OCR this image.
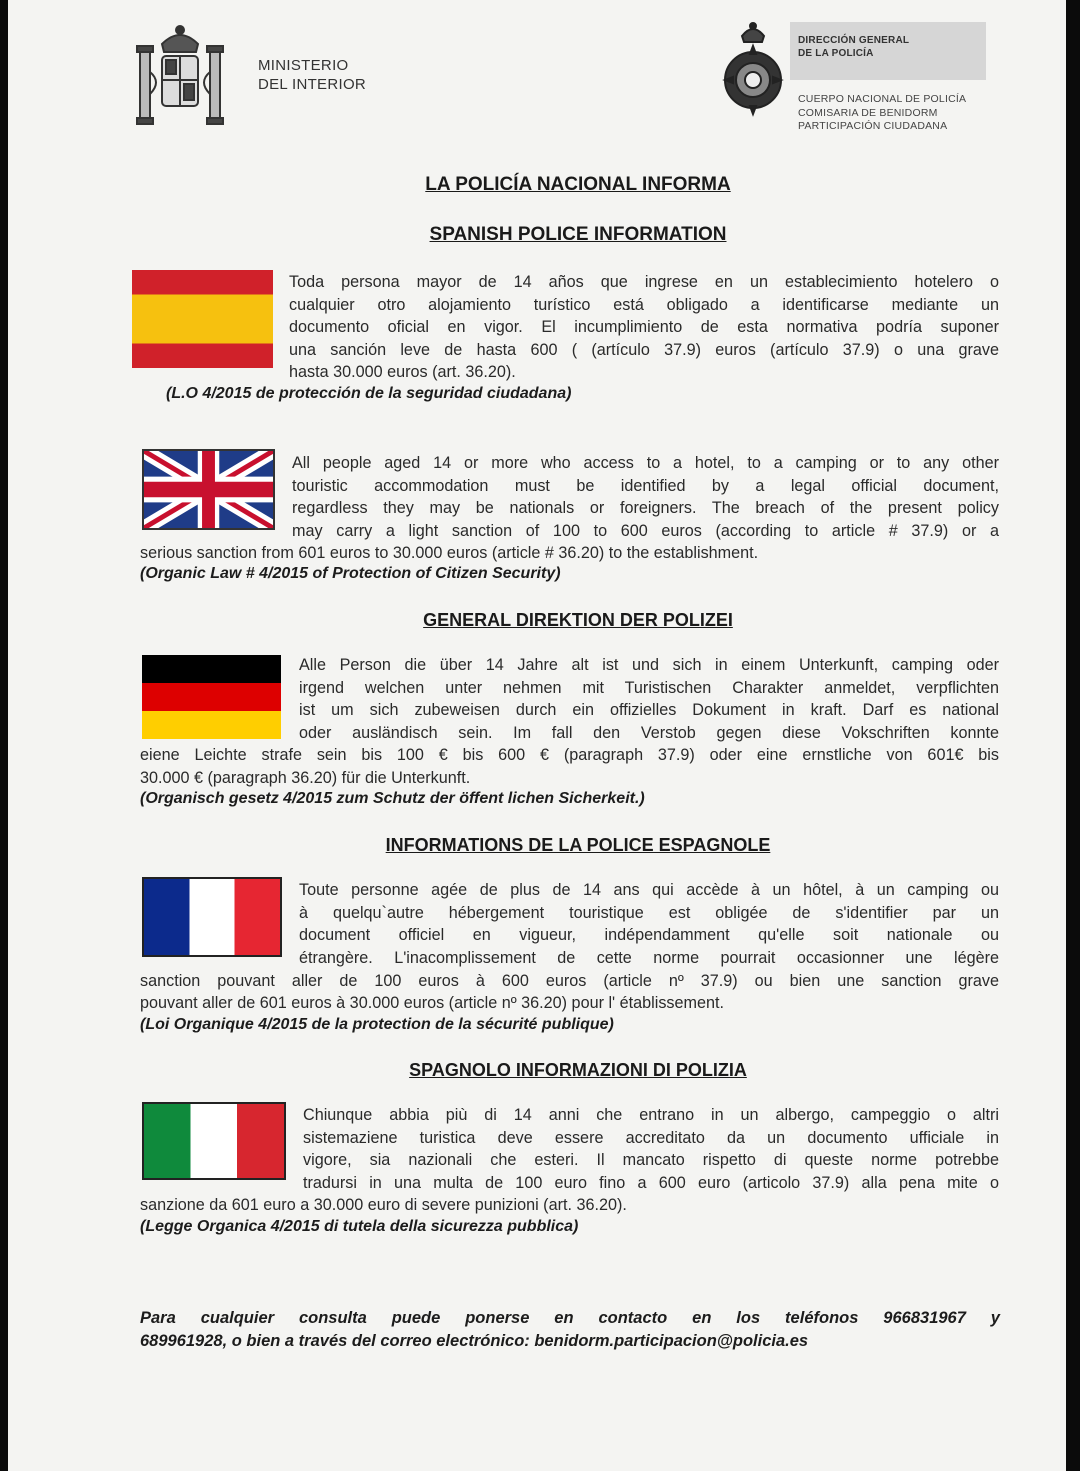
MINISTERIO
DEL INTERIOR
DIRECCIÓN GENERAL
DE LA POLICÍA
CUERPO NACIONAL DE POLICÍA
COMISARIA DE BENIDORM
PARTICIPACIÓN CIUDADANA
LA POLICÍA NACIONAL INFORMA
SPANISH POLICE INFORMATION
Toda persona mayor de 14 años que ingrese en un establecimiento hotelero o
cualquier otro alojamiento turístico está obligado a identificarse mediante un
documento oficial en vigor. El incumplimiento de esta normativa podría suponer
una sanción leve de hasta 600 ( (artículo 37.9) euros (artículo 37.9) o una grave
hasta 30.000 euros (art. 36.20).
(L.O 4/2015 de protección de la seguridad ciudadana)
All people aged 14 or more who access to a hotel, to a camping or to any other
touristic accommodation must be identified by a legal official document,
regardless they may be nationals or foreigners. The breach of the present policy
may carry a light sanction of 100 to 600 euros (according to article # 37.9) or a
serious sanction from 601 euros to 30.000 euros (article # 36.20) to the establishment.
(Organic Law # 4/2015 of Protection of Citizen Security)
GENERAL DIREKTION DER POLIZEI
Alle Person die über 14 Jahre alt ist und sich in einem Unterkunft, camping oder
irgend welchen unter nehmen mit Turistischen Charakter anmeldet, verpflichten
ist um sich zubeweisen durch ein offizielles Dokument in kraft. Darf es national
oder ausländisch sein. Im fall den Verstob gegen diese Vokschriften konnte
eiene Leichte strafe sein bis 100 € bis 600 € (paragraph 37.9) oder eine ernstliche von 601€ bis
30.000 € (paragraph 36.20) für die Unterkunft.
(Organisch gesetz 4/2015 zum Schutz der öffent lichen Sicherkeit.)
INFORMATIONS DE LA POLICE ESPAGNOLE
Toute personne agée de plus de 14 ans qui accède à un hôtel, à un camping ou
à quelqu`autre hébergement touristique est obligée de s'identifier par un
document officiel en vigueur, indépendamment qu'elle soit nationale ou
étrangère. L'inacomplissement de cette norme pourrait occasionner une légère
sanction pouvant aller de 100 euros à 600 euros (article nº 37.9) ou bien une sanction grave
pouvant aller de 601 euros à 30.000 euros (article nº 36.20) pour l' établissement.
(Loi Organique 4/2015 de la protection de la sécurité publique)
SPAGNOLO INFORMAZIONI DI POLIZIA
Chiunque abbia più di 14 anni che entrano in un albergo, campeggio o altri
sistemaziene turistica deve essere accreditato da un documento ufficiale in
vigore, sia nazionali che esteri. Il mancato rispetto di queste norme potrebbe
tradursi in una multa de 100 euro fino a 600 euro (articolo 37.9) alla pena mite o
sanzione da 601 euro a 30.000 euro di severe punizioni (art. 36.20).
(Legge Organica 4/2015 di tutela della sicurezza pubblica)
Para cualquier consulta puede ponerse en contacto en los teléfonos 966831967 y
689961928, o bien a través del correo electrónico: benidorm.participacion@policia.es
